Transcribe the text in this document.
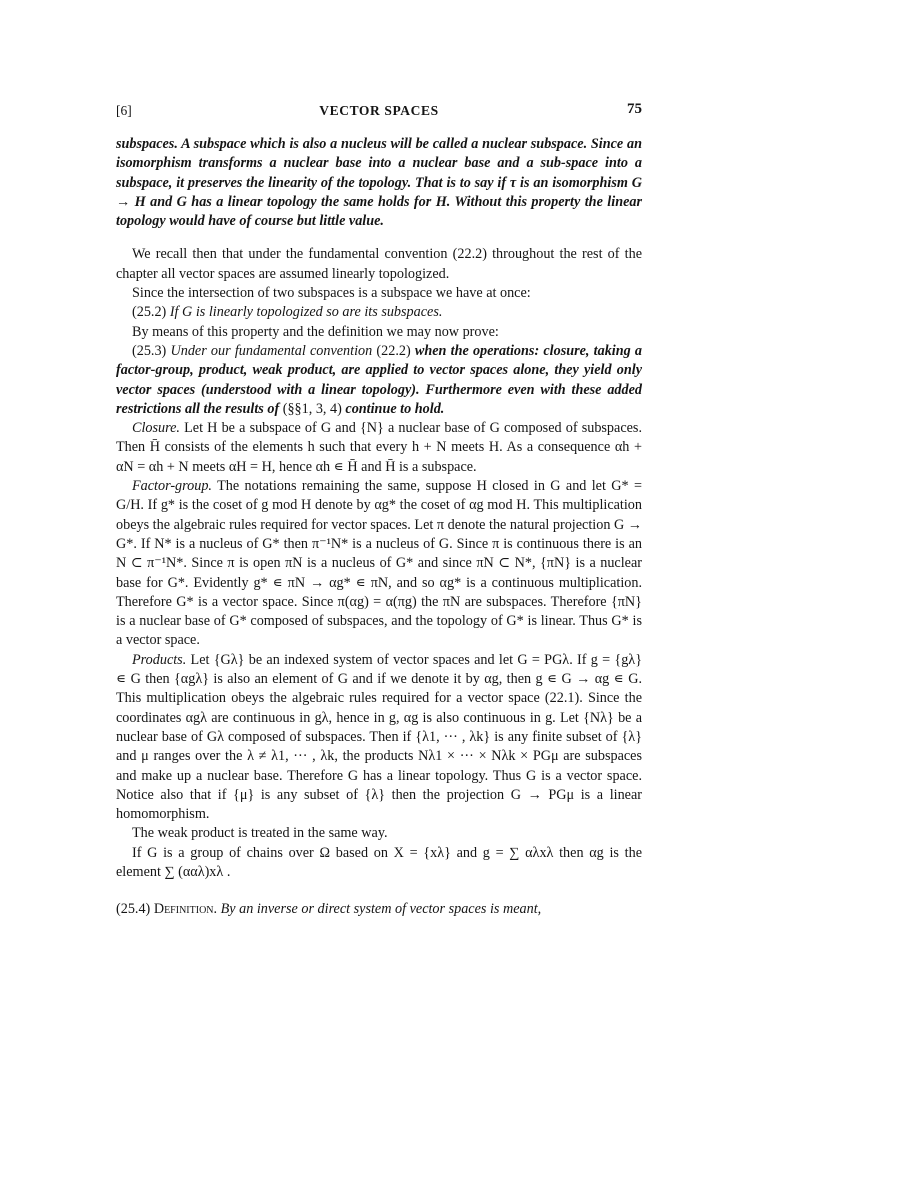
[6]	VECTOR SPACES	75

subspaces. A subspace which is also a nucleus will be called a nuclear subspace. Since an isomorphism transforms a nuclear base into a nuclear base and a sub-space into a subspace, it preserves the linearity of the topology. That is to say if τ is an isomorphism G → H and G has a linear topology the same holds for H. Without this property the linear topology would have of course but little value.

We recall then that under the fundamental convention (22.2) throughout the rest of the chapter all vector spaces are assumed linearly topologized.

Since the intersection of two subspaces is a subspace we have at once:

(25.2) If G is linearly topologized so are its subspaces.

By means of this property and the definition we may now prove:

(25.3) Under our fundamental convention (22.2) when the operations: closure, taking a factor-group, product, weak product, are applied to vector spaces alone, they yield only vector spaces (understood with a linear topology). Furthermore even with these added restrictions all the results of (§§1, 3, 4) continue to hold.

Closure. Let H be a subspace of G and {N} a nuclear base of G composed of subspaces. Then H̄ consists of the elements h such that every h + N meets H. As a consequence αh + αN = αh + N meets αH = H, hence αh ∊ H̄ and H̄ is a subspace.

Factor-group. The notations remaining the same, suppose H closed in G and let G* = G/H. If g* is the coset of g mod H denote by αg* the coset of αg mod H. This multiplication obeys the algebraic rules required for vector spaces. Let π denote the natural projection G → G*. If N* is a nucleus of G* then π⁻¹N* is a nucleus of G. Since π is continuous there is an N ⊂ π⁻¹N*. Since π is open πN is a nucleus of G* and since πN ⊂ N*, {πN} is a nuclear base for G*. Evidently g* ∊ πN → αg* ∊ πN, and so αg* is a continuous multiplication. Therefore G* is a vector space. Since π(αg) = α(πg) the πN are subspaces. Therefore {πN} is a nuclear base of G* composed of subspaces, and the topology of G* is linear. Thus G* is a vector space.

Products. Let {Gλ} be an indexed system of vector spaces and let G = PGλ. If g = {gλ} ∊ G then {αgλ} is also an element of G and if we denote it by αg, then g ∊ G → αg ∊ G. This multiplication obeys the algebraic rules required for a vector space (22.1). Since the coordinates αgλ are continuous in gλ, hence in g, αg is also continuous in g. Let {Nλ} be a nuclear base of Gλ composed of subspaces. Then if {λ1, ··· , λk} is any finite subset of {λ} and μ ranges over the λ ≠ λ1, ··· , λk, the products Nλ1 × ··· × Nλk × PGμ are subspaces and make up a nuclear base. Therefore G has a linear topology. Thus G is a vector space. Notice also that if {μ} is any subset of {λ} then the projection G → PGμ is a linear homomorphism.

The weak product is treated in the same way.

If G is a group of chains over Ω based on X = {xλ} and g = ∑ αλxλ then αg is the element ∑ (ααλ)xλ .

(25.4) Definition. By an inverse or direct system of vector spaces is meant,
